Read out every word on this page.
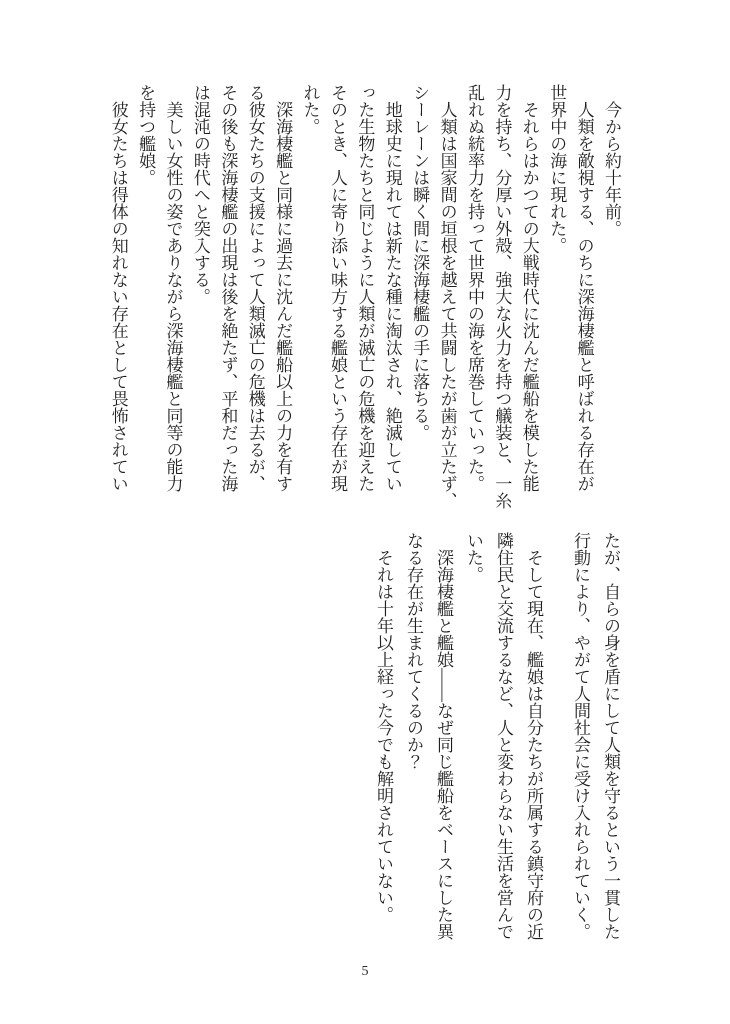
　今から約十年前。

　人類を敵視する、のちに深海棲艦と呼ばれる存在が

世界中の海に現れた。

　それらはかつての大戦時代に沈んだ艦船を模した能

力を持ち、分厚い外殻、強大な火力を持つ艤装と、一糸

乱れぬ統率力を持って世界中の海を席巻していった。

　人類は国家間の垣根を越えて共闘したが歯が立たず、

シーレーンは瞬く間に深海棲艦の手に落ちる。

　地球史に現れては新たな種に淘汰され、絶滅してい

った生物たちと同じように人類が滅亡の危機を迎えた

そのとき、人に寄り添い味方する艦娘という存在が現

れた。

　深海棲艦と同様に過去に沈んだ艦船以上の力を有す

る彼女たちの支援によって人類滅亡の危機は去るが、

その後も深海棲艦の出現は後を絶たず、平和だった海

は混沌の時代へと突入する。

　美しい女性の姿でありながら深海棲艦と同等の能力

を持つ艦娘。

　彼女たちは得体の知れない存在として畏怖されてい

たが、自らの身を盾にして人類を守るという一貫した

行動により、やがて人間社会に受け入れられていく。

　そして現在、艦娘は自分たちが所属する鎮守府の近

隣住民と交流するなど、人と変わらない生活を営んで

いた。

　深海棲艦と艦娘――なぜ同じ艦船をベースにした異

なる存在が生まれてくるのか？

　それは十年以上経った今でも解明されていない。

5
